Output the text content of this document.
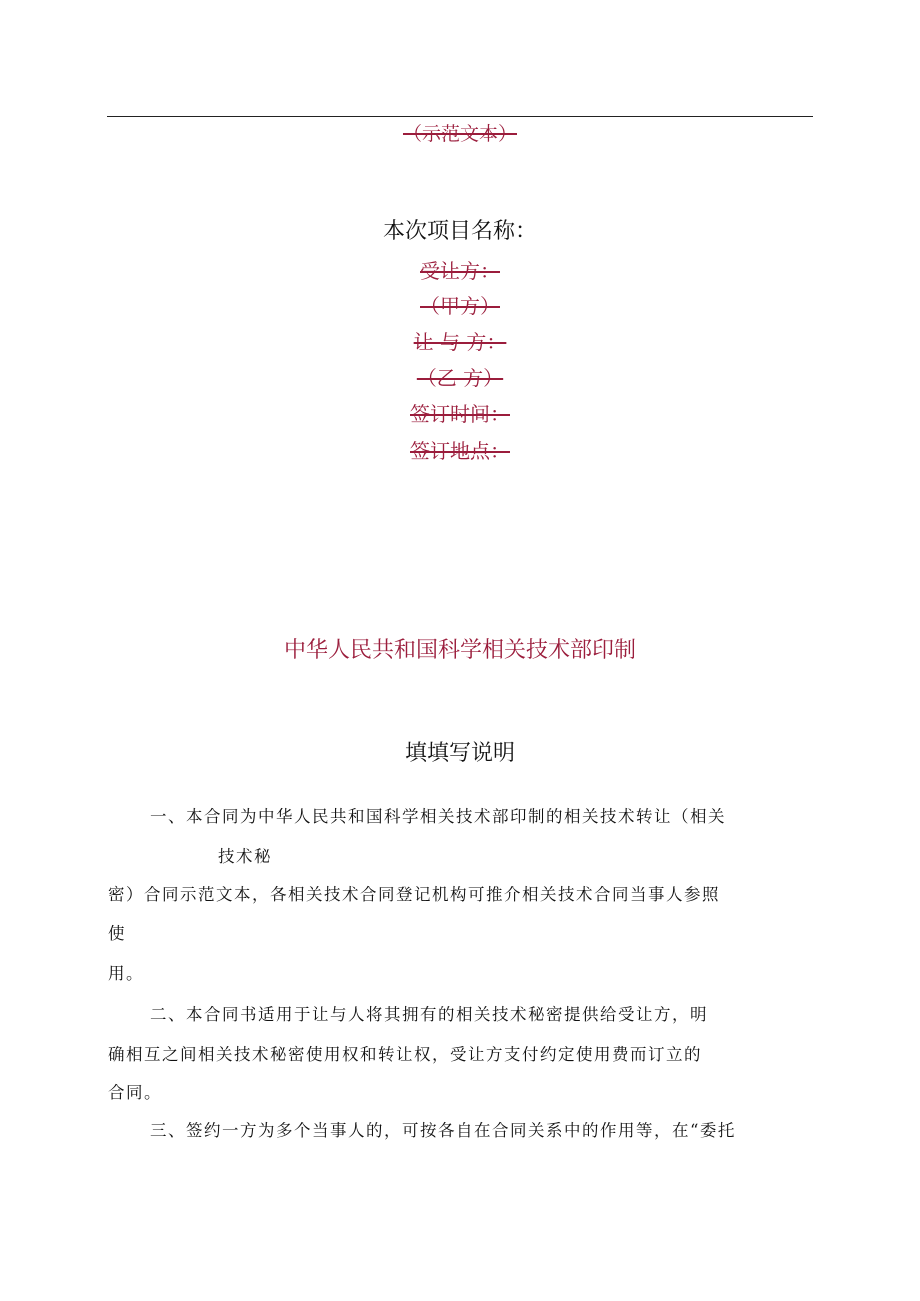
（示范文本）
本次项目名称：
受让方：
（甲方）
让 与 方：
（乙 方）
签订时间：
签订地点：
中华人民共和国科学相关技术部印制
填填写说明
一、本合同为中华人民共和国科学相关技术部印制的相关技术转让（相关
技术秘
密）合同示范文本，各相关技术合同登记机构可推介相关技术合同当事人参照
使
用。
二、本合同书适用于让与人将其拥有的相关技术秘密提供给受让方，明
确相互之间相关技术秘密使用权和转让权，受让方支付约定使用费而订立的
合同。
三、签约一方为多个当事人的，可按各自在合同关系中的作用等，在“委托
